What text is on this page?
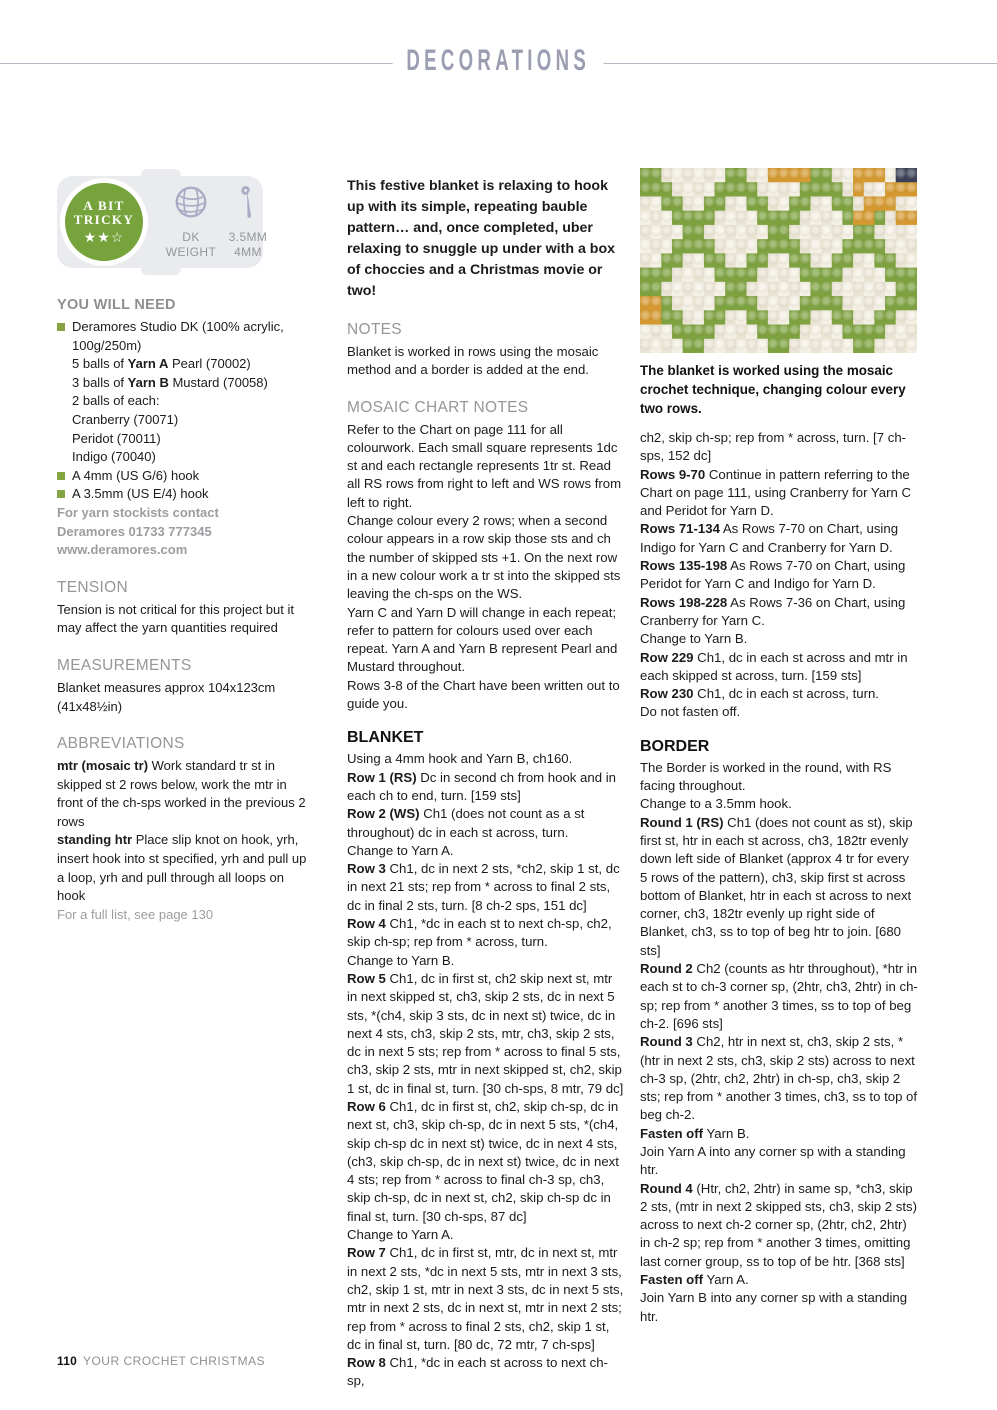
DECORATIONS
A BIT
TRICKY
★★☆	DK
WEIGHT
3.5MM
4MM
The blanket is worked using the mosaic crochet technique, changing colour every two rows.
YOU WILL NEED

Deramores Studio DK (100% acrylic, 100g/250m)

5 balls of Yarn A Pearl (70002)

3 balls of Yarn B Mustard (70058)

2 balls of each:

Cranberry (70071)

Peridot (70011)

Indigo (70040)

A 4mm (US G/6) hook

A 3.5mm (US E/4) hook

For yarn stockists contact

Deramores 01733 777345

www.deramores.com

TENSION

Tension is not critical for this project but it may affect the yarn quantities required

MEASUREMENTS

Blanket measures approx 104x123cm (41x48½in)

ABBREVIATIONS

mtr (mosaic tr) Work standard tr st in skipped st 2 rows below, work the mtr in front of the ch-sps worked in the previous 2 rows

standing htr Place slip knot on hook, yrh, insert hook into st specified, yrh and pull up a loop, yrh and pull through all loops on hook

For a full list, see page 130

This festive blanket is relaxing to hook up with its simple, repeating bauble pattern… and, once completed, uber relaxing to snuggle up under with a box of choccies and a Christmas movie or two!

NOTES

Blanket is worked in rows using the mosaic method and a border is added at the end.

MOSAIC CHART NOTES

Refer to the Chart on page 111 for all colourwork. Each small square represents 1dc st and each rectangle represents 1tr st. Read all RS rows from right to left and WS rows from left to right.

Change colour every 2 rows; when a second colour appears in a row skip those sts and ch the number of skipped sts +1. On the next row in a new colour work a tr st into the skipped sts leaving the ch-sps on the WS.

Yarn C and Yarn D will change in each repeat; refer to pattern for colours used over each repeat. Yarn A and Yarn B represent Pearl and Mustard throughout.

Rows 3-8 of the Chart have been written out to guide you.

BLANKET

Using a 4mm hook and Yarn B, ch160.

Row 1 (RS) Dc in second ch from hook and in each ch to end, turn. [159 sts]

Row 2 (WS) Ch1 (does not count as a st throughout) dc in each st across, turn.

Change to Yarn A.

Row 3 Ch1, dc in next 2 sts, *ch2, skip 1 st, dc in next 21 sts; rep from * across to final 2 sts, dc in final 2 sts, turn. [8 ch-2 sps, 151 dc]

Row 4 Ch1, *dc in each st to next ch-sp, ch2, skip ch-sp; rep from * across, turn.

Change to Yarn B.

Row 5 Ch1, dc in first st, ch2 skip next st, mtr in next skipped st, ch3, skip 2 sts, dc in next 5 sts, *(ch4, skip 3 sts, dc in next st) twice, dc in next 4 sts, ch3, skip 2 sts, mtr, ch3, skip 2 sts, dc in next 5 sts; rep from * across to final 5 sts, ch3, skip 2 sts, mtr in next skipped st, ch2, skip 1 st, dc in final st, turn. [30 ch-sps, 8 mtr, 79 dc]

Row 6 Ch1, dc in first st, ch2, skip ch-sp, dc in next st, ch3, skip ch-sp, dc in next 5 sts, *(ch4, skip ch-sp dc in next st) twice, dc in next 4 sts, (ch3, skip ch-sp, dc in next st) twice, dc in next 4 sts; rep from * across to final ch-3 sp, ch3, skip ch-sp, dc in next st, ch2, skip ch-sp dc in final st, turn. [30 ch-sps, 87 dc]

Change to Yarn A.

Row 7 Ch1, dc in first st, mtr, dc in next st, mtr in next 2 sts, *dc in next 5 sts, mtr in next 3 sts, ch2, skip 1 st, mtr in next 3 sts, dc in next 5 sts, mtr in next 2 sts, dc in next st, mtr in next 2 sts; rep from * across to final 2 sts, ch2, skip 1 st, dc in final st, turn. [80 dc, 72 mtr, 7 ch-sps]

Row 8 Ch1, *dc in each st across to next ch-sp,

ch2, skip ch-sp; rep from * across, turn. [7 ch-sps, 152 dc]

Rows 9-70 Continue in pattern referring to the Chart on page 111, using Cranberry for Yarn C and Peridot for Yarn D.

Rows 71-134 As Rows 7-70 on Chart, using Indigo for Yarn C and Cranberry for Yarn D.

Rows 135-198 As Rows 7-70 on Chart, using Peridot for Yarn C and Indigo for Yarn D.

Rows 198-228 As Rows 7-36 on Chart, using Cranberry for Yarn C.

Change to Yarn B.

Row 229 Ch1, dc in each st across and mtr in each skipped st across, turn. [159 sts]

Row 230 Ch1, dc in each st across, turn.

Do not fasten off.

BORDER

The Border is worked in the round, with RS facing throughout.

Change to a 3.5mm hook.

Round 1 (RS) Ch1 (does not count as st), skip first st, htr in each st across, ch3, 182tr evenly down left side of Blanket (approx 4 tr for every 5 rows of the pattern), ch3, skip first st across bottom of Blanket, htr in each st across to next corner, ch3, 182tr evenly up right side of Blanket, ch3, ss to top of beg htr to join. [680 sts]

Round 2 Ch2 (counts as htr throughout), *htr in each st to ch-3 corner sp, (2htr, ch3, 2htr) in ch-sp; rep from * another 3 times, ss to top of beg ch-2. [696 sts]

Round 3 Ch2, htr in next st, ch3, skip 2 sts, *(htr in next 2 sts, ch3, skip 2 sts) across to next ch-3 sp, (2htr, ch2, 2htr) in ch-sp, ch3, skip 2 sts; rep from * another 3 times, ch3, ss to top of beg ch-2.

Fasten off Yarn B.

Join Yarn A into any corner sp with a standing htr.

Round 4 (Htr, ch2, 2htr) in same sp, *ch3, skip 2 sts, (mtr in next 2 skipped sts, ch3, skip 2 sts) across to next ch-2 corner sp, (2htr, ch2, 2htr) in ch-2 sp; rep from * another 3 times, omitting last corner group, ss to top of be htr. [368 sts]

Fasten off Yarn A.

Join Yarn B into any corner sp with a standing htr.

110 YOUR CROCHET CHRISTMAS
